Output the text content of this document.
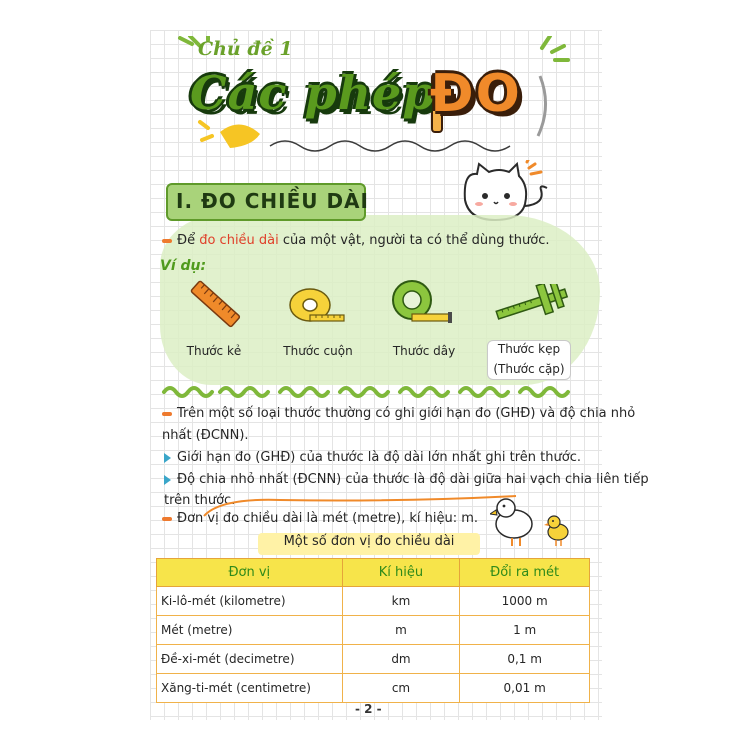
Chủ đề 1
Các phép
ĐO
I. ĐO CHIỀU DÀI
Để đo chiều dài của một vật, người ta có thể dùng thước.
Ví dụ:
Thước kẻ	Thước cuộn	Thước dây	Thước kẹp
(Thước cặp)
Trên một số loại thước thường có ghi giới hạn đo (GHĐ) và độ chia nhỏ
nhất (ĐCNN).
Giới hạn đo (GHĐ) của thước là độ dài lớn nhất ghi trên thước.
Độ chia nhỏ nhất (ĐCNN) của thước là độ dài giữa hai vạch chia liên tiếp
trên thước.
Đơn vị đo chiều dài là mét (metre), kí hiệu: m.
Một số đơn vị đo chiều dài
Đơn vị	Kí hiệu	Đổi ra mét
Ki-lô-mét (kilometre)	km	1000 m
Mét (metre)	m	1 m
Đề-xi-mét (decimetre)	dm	0,1 m
Xăng-ti-mét (centimetre)	cm	0,01 m
- 2 -
